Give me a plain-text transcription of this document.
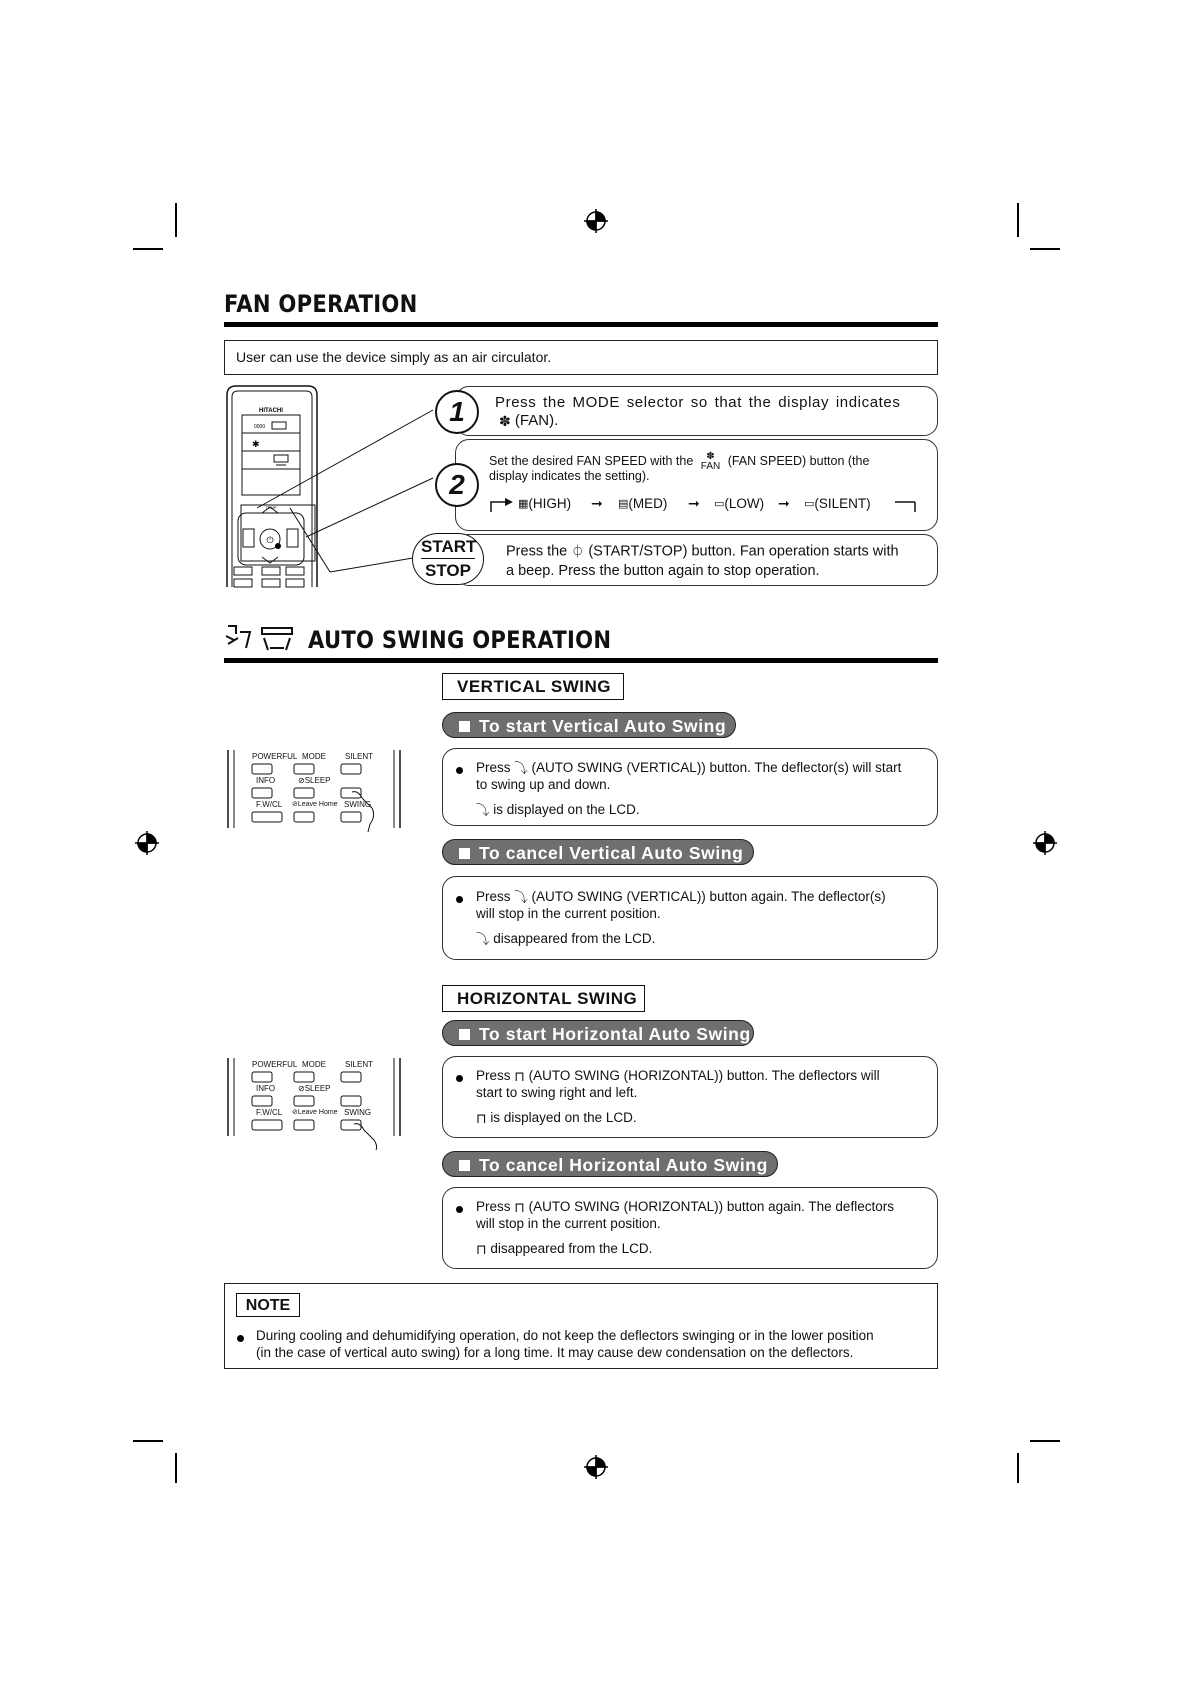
FAN OPERATION
User can use the device simply as an air circulator.
HITACHI
0000
✱
TEMP
⏻
Press the MODE selector so that the display indicates
✽ (FAN).
1
Set the desired FAN SPEED with the ✽
FAN (FAN SPEED) button (the
display indicates the setting).
▦(HIGH) ➞ ▤(MED) ➞ ▭(LOW) ➞ ▭(SILENT)
2
Press the ⏀ (START/STOP) button. Fan operation starts with
a beep. Press the button again to stop operation.
START
STOP
AUTO SWING OPERATION
VERTICAL SWING
To start Vertical Auto Swing
Press ⤵ (AUTO SWING (VERTICAL)) button. The deflector(s) will start
to swing up and down.
⤵ is displayed on the LCD.
To cancel Vertical Auto Swing
Press ⤵ (AUTO SWING (VERTICAL)) button again. The deflector(s)
will stop in the current position.
⤵ disappeared from the LCD.
POWERFUL MODE SILENT
INFO	⊘SLEEP
F.W/CL ⊘Leave Home SWING
HORIZONTAL SWING
To start Horizontal Auto Swing
Press ⊓ (AUTO SWING (HORIZONTAL)) button. The deflectors will
start to swing right and left.
⊓ is displayed on the LCD.
To cancel Horizontal Auto Swing
Press ⊓ (AUTO SWING (HORIZONTAL)) button again. The deflectors
will stop in the current position.
⊓ disappeared from the LCD.
POWERFUL MODE SILENT
INFO	⊘SLEEP
F.W/CL ⊘Leave Home SWING
NOTE
During cooling and dehumidifying operation, do not keep the deflectors swinging or in the lower position
(in the case of vertical auto swing) for a long time. It may cause dew condensation on the deflectors.
